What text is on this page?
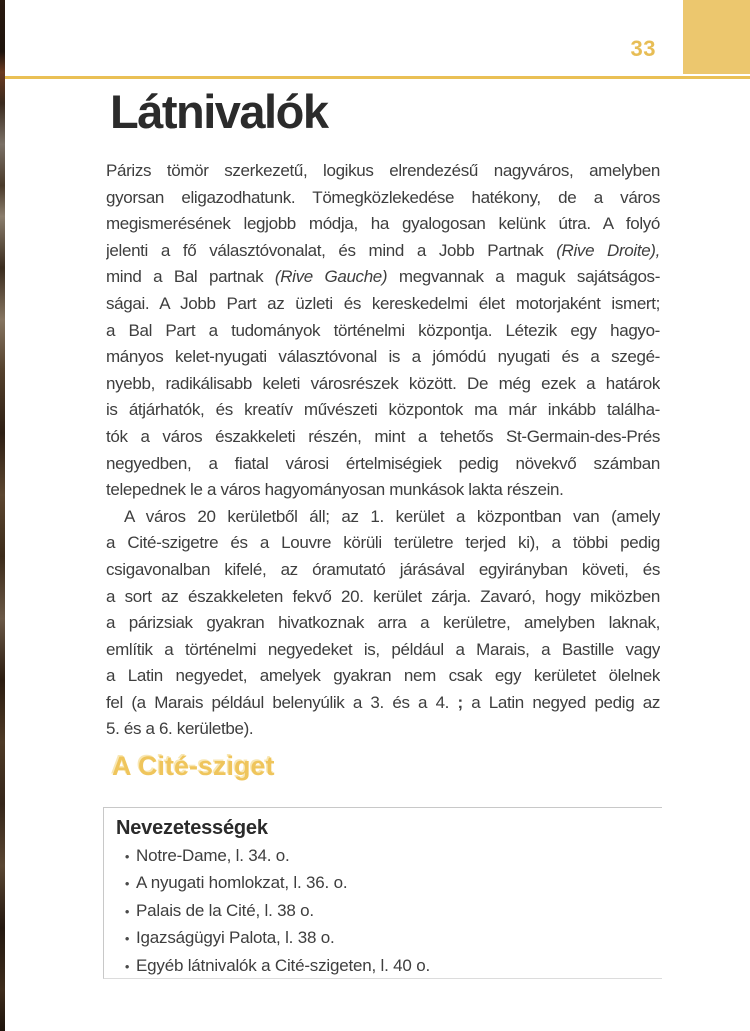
33
Látnivalók
Párizs tömör szerkezetű, logikus elrendezésű nagyváros, amelyben
gyorsan eligazodhatunk. Tömegközlekedése hatékony, de a város
megismerésének legjobb módja, ha gyalogosan kelünk útra. A folyó
jelenti a fő választóvonalat, és mind a Jobb Partnak (Rive Droite),
mind a Bal partnak (Rive Gauche) megvannak a maguk sajátságos-
ságai. A Jobb Part az üzleti és kereskedelmi élet motorjaként ismert;
a Bal Part a tudományok történelmi központja. Létezik egy hagyo-
mányos kelet-nyugati választóvonal is a jómódú nyugati és a szegé-
nyebb, radikálisabb keleti városrészek között. De még ezek a határok
is átjárhatók, és kreatív művészeti központok ma már inkább találha-
tók a város északkeleti részén, mint a tehetős St-Germain-des-Prés
negyedben, a fiatal városi értelmiségiek pedig növekvő számban
telepednek le a város hagyományosan munkások lakta részein.
A város 20 kerületből áll; az 1. kerület a központban van (amely
a Cité-szigetre és a Louvre körüli területre terjed ki), a többi pedig
csigavonalban kifelé, az óramutató járásával egyirányban követi, és
a sort az északkeleten fekvő 20. kerület zárja. Zavaró, hogy miközben
a párizsiak gyakran hivatkoznak arra a kerületre, amelyben laknak,
említik a történelmi negyedeket is, például a Marais, a Bastille vagy
a Latin negyedet, amelyek gyakran nem csak egy kerületet ölelnek
fel (a Marais például belenyúlik a 3. és a 4. ; a Latin negyed pedig az
5. és a 6. kerületbe).
A Cité-sziget
Nevezetességek
• Notre-Dame, l. 34. o.
• A nyugati homlokzat, l. 36. o.
• Palais de la Cité, l. 38 o.
• Igazságügyi Palota, l. 38 o.
• Egyéb látnivalók a Cité-szigeten, l. 40 o.
